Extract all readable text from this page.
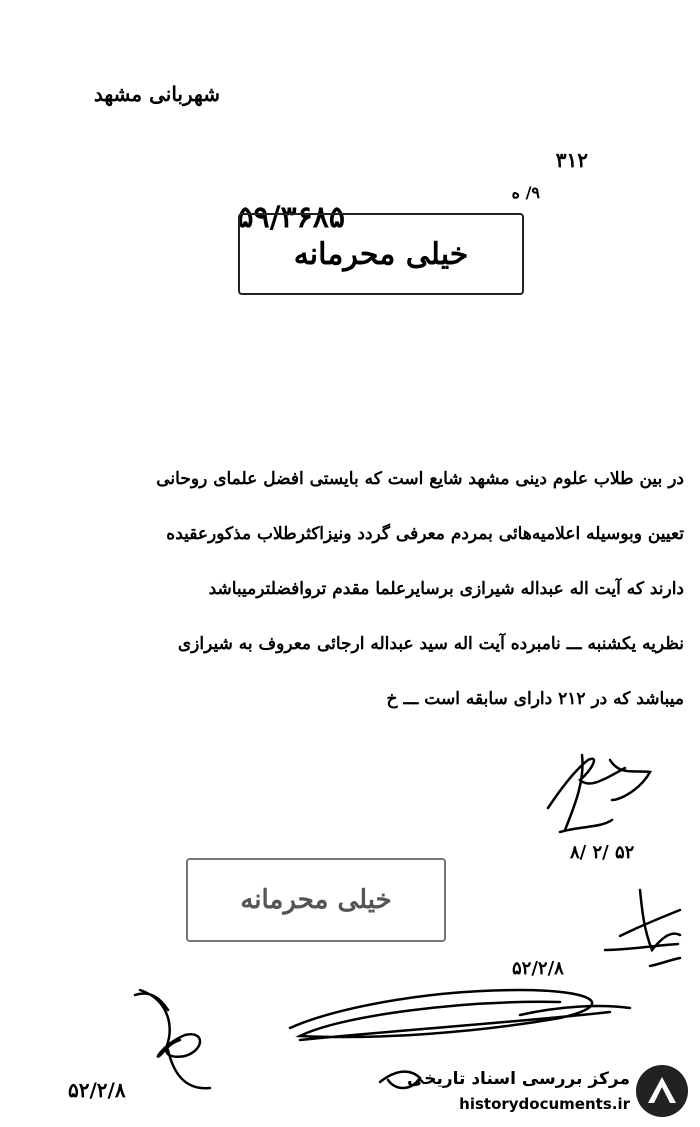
شهربانی مشهد
۳۱۲
۹/ ه
۵۹/۳۶۸۵
خیلی محرمانه
در بین طلاب علوم دینی مشهد شایع است که بایستی افضل علمای روحانی
تعیین وبوسیله اعلامیه‌هائی بمردم معرفی گردد ونیزاکثرطلاب مذکورعقیده
دارند که آیت اله عبداله شیرازی برسایرعلما مقدم تروافضلترمیباشد
نظریه یکشنبه ـــ نامبرده آیت اله سید عبداله ارجائی معروف به شیرازی
میباشد که در ۲۱۲ دارای سابقه است ـــ خ
خیلی محرمانه
۸/ ۲/ ۵۲
۵۲/۲/۸
۵۲/۲/۸	مرکز بررسی اسناد تاریخی
historydocuments.ir
